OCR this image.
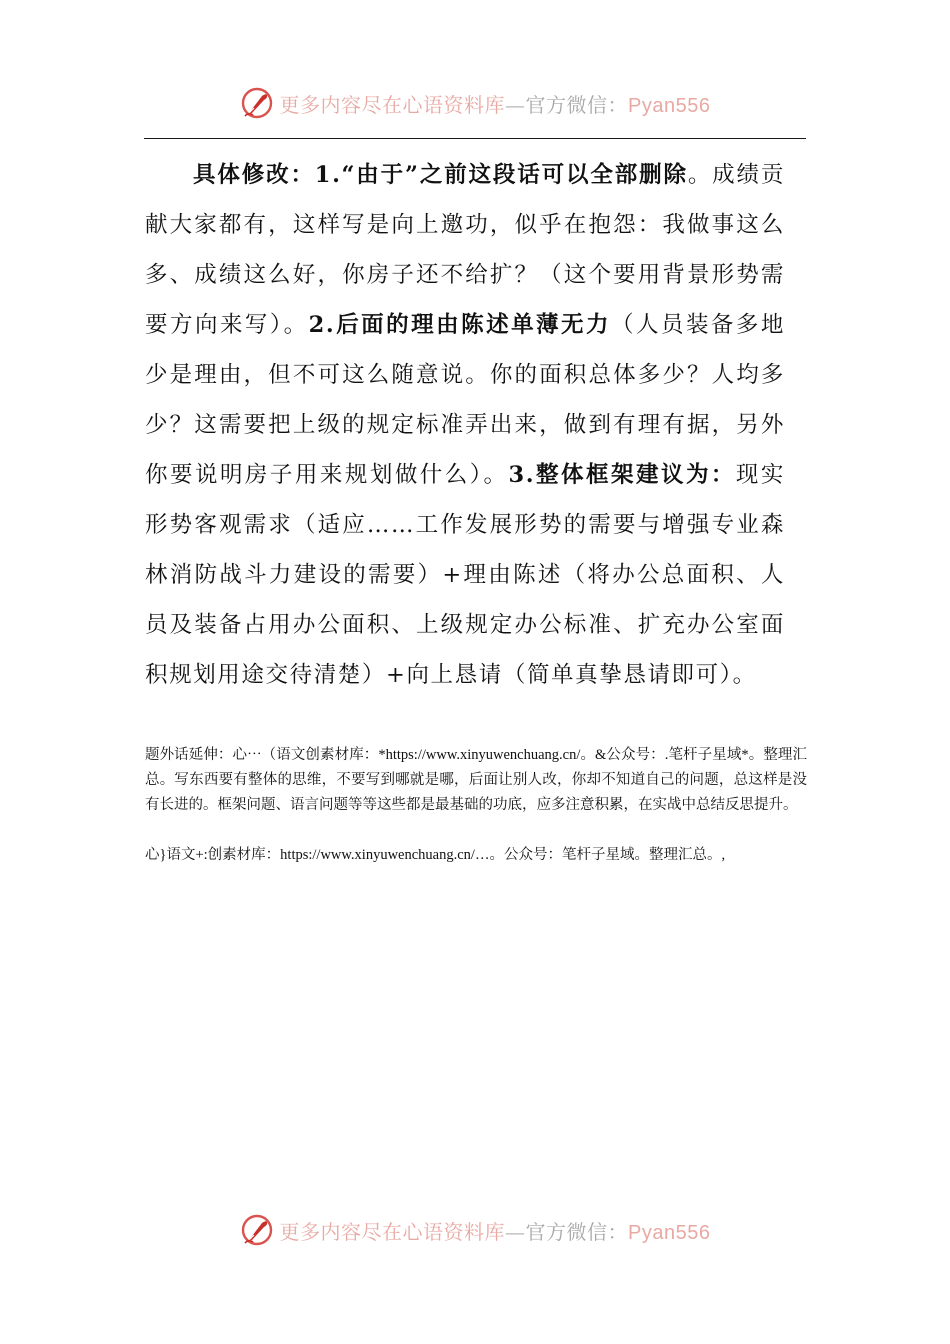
更多内容尽在心语资料库—官方微信：Pyan556

具体修改：1.“由于”之前这段话可以全部删除。成绩贡献大家都有，这样写是向上邀功，似乎在抱怨：我做事这么多、成绩这么好，你房子还不给扩？（这个要用背景形势需要方向来写）。2.后面的理由陈述单薄无力（人员装备多地少是理由，但不可这么随意说。你的面积总体多少？人均多少？这需要把上级的规定标准弄出来，做到有理有据，另外你要说明房子用来规划做什么）。3.整体框架建议为：现实形势客观需求（适应……工作发展形势的需要与增强专业森林消防战斗力建设的需要）+理由陈述（将办公总面积、人员及装备占用办公面积、上级规定办公标准、扩充办公室面积规划用途交待清楚）+向上恳请（简单真挚恳请即可）。

题外话延伸：心⋯（语文创素材库：*https://www.xinyuwenchuang.cn/。&公众号：.笔杆子星域*。整理汇总。写东西要有整体的思维，不要写到哪就是哪，后面让别人改，你却不知道自己的问题，总这样是没有长进的。框架问题、语言问题等等这些都是最基础的功底，应多注意积累，在实战中总结反思提升。

心}语文+:创素材库：https://www.xinyuwenchuang.cn/…。公众号：笔杆子星域。整理汇总。,

更多内容尽在心语资料库—官方微信：Pyan556
